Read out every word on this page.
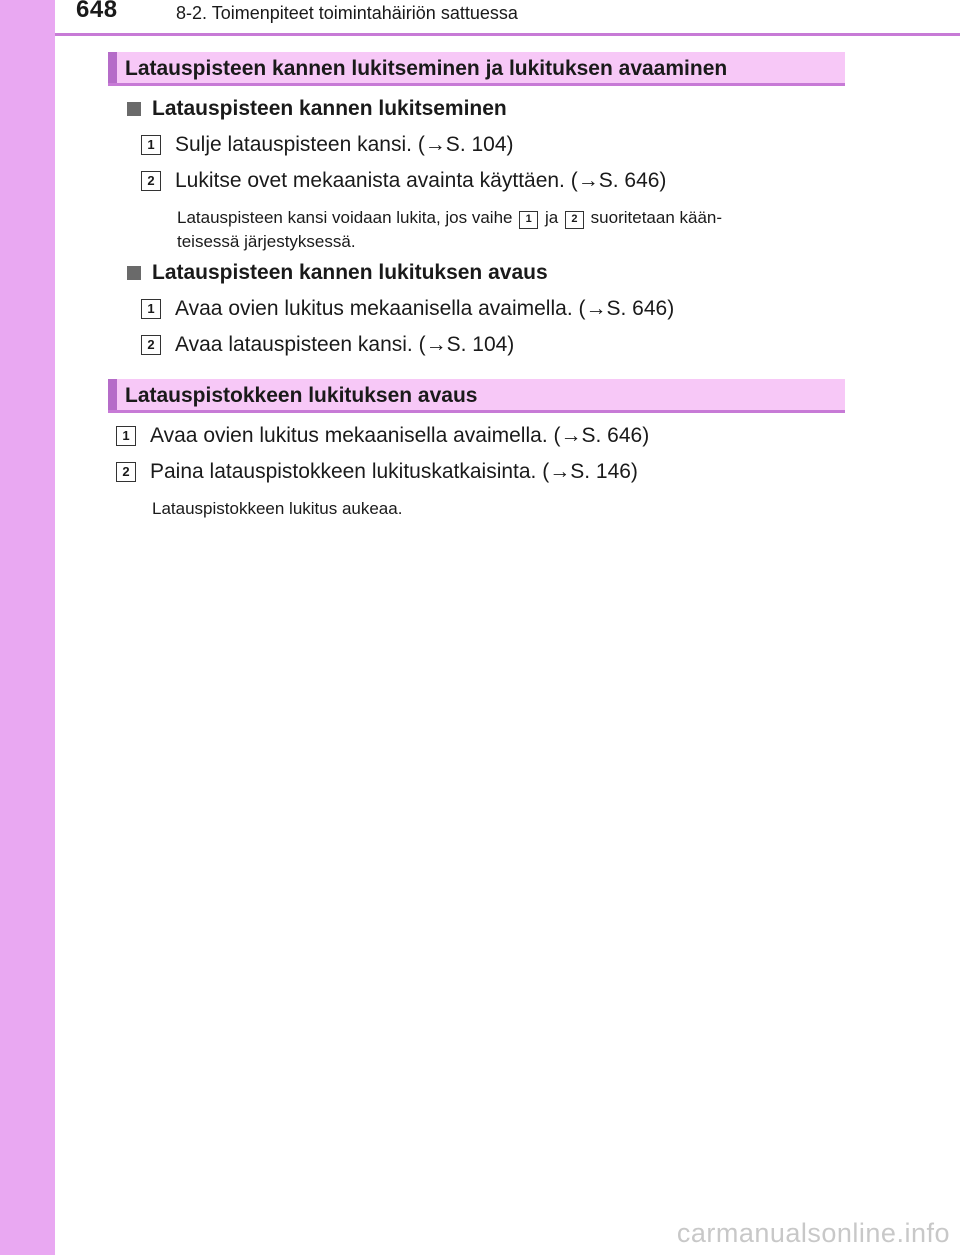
648	8-2. Toimenpiteet toimintahäiriön sattuessa
Latauspisteen kannen lukitseminen ja lukituksen avaaminen
Latauspisteen kannen lukitseminen
1 Sulje latauspisteen kansi. (→S. 104)
2 Lukitse ovet mekaanista avainta käyttäen. (→S. 646)
Latauspisteen kansi voidaan lukita, jos vaihe 1 ja 2 suoritetaan kään-
teisessä järjestyksessä.
Latauspisteen kannen lukituksen avaus
1 Avaa ovien lukitus mekaanisella avaimella. (→S. 646)
2 Avaa latauspisteen kansi. (→S. 104)
Latauspistokkeen lukituksen avaus
1 Avaa ovien lukitus mekaanisella avaimella. (→S. 646)
2 Paina latauspistokkeen lukituskatkaisinta. (→S. 146)
Latauspistokkeen lukitus aukeaa.
carmanualsonline.info
